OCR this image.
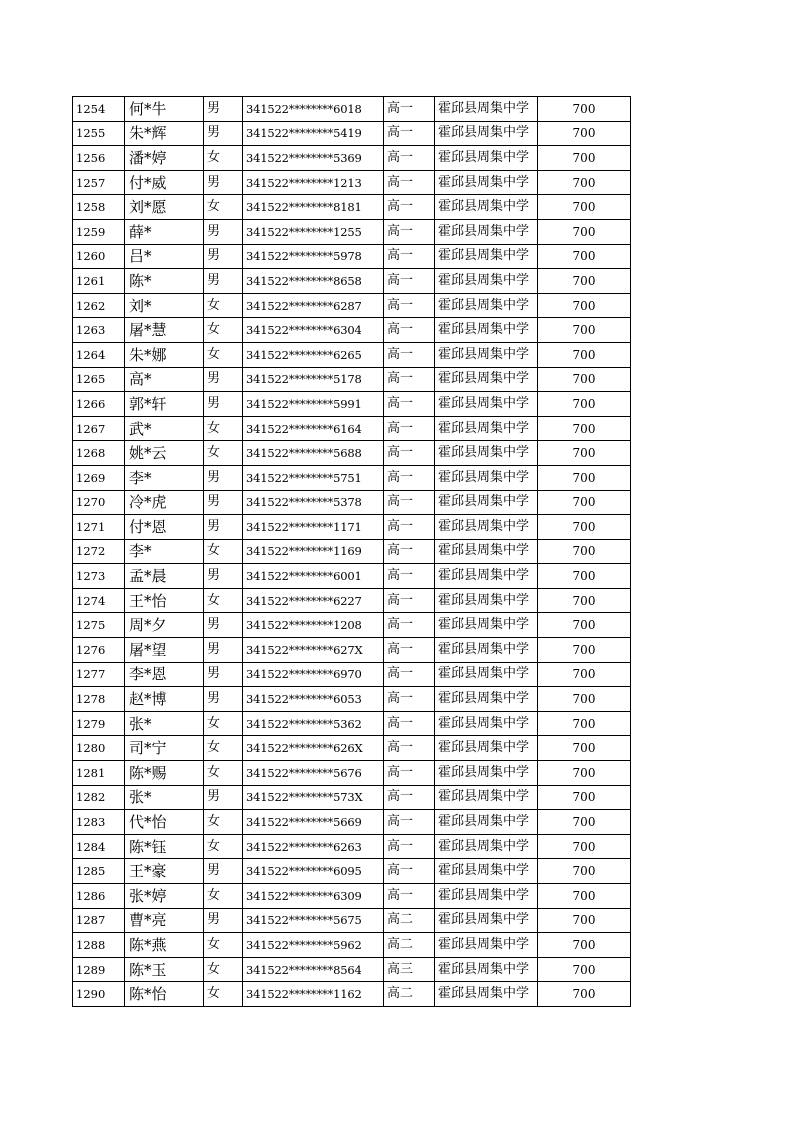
1254	何*牛	男	341522********6018	高一	霍邱县周集中学	700
1255	朱*辉	男	341522********5419	高一	霍邱县周集中学	700
1256	潘*婷	女	341522********5369	高一	霍邱县周集中学	700
1257	付*威	男	341522********1213	高一	霍邱县周集中学	700
1258	刘*愿	女	341522********8181	高一	霍邱县周集中学	700
1259	薛*	男	341522********1255	高一	霍邱县周集中学	700
1260	吕*	男	341522********5978	高一	霍邱县周集中学	700
1261	陈*	男	341522********8658	高一	霍邱县周集中学	700
1262	刘*	女	341522********6287	高一	霍邱县周集中学	700
1263	屠*慧	女	341522********6304	高一	霍邱县周集中学	700
1264	朱*娜	女	341522********6265	高一	霍邱县周集中学	700
1265	高*	男	341522********5178	高一	霍邱县周集中学	700
1266	郭*轩	男	341522********5991	高一	霍邱县周集中学	700
1267	武*	女	341522********6164	高一	霍邱县周集中学	700
1268	姚*云	女	341522********5688	高一	霍邱县周集中学	700
1269	李*	男	341522********5751	高一	霍邱县周集中学	700
1270	冷*虎	男	341522********5378	高一	霍邱县周集中学	700
1271	付*恩	男	341522********1171	高一	霍邱县周集中学	700
1272	李*	女	341522********1169	高一	霍邱县周集中学	700
1273	孟*晨	男	341522********6001	高一	霍邱县周集中学	700
1274	王*怡	女	341522********6227	高一	霍邱县周集中学	700
1275	周*夕	男	341522********1208	高一	霍邱县周集中学	700
1276	屠*望	男	341522********627X	高一	霍邱县周集中学	700
1277	李*恩	男	341522********6970	高一	霍邱县周集中学	700
1278	赵*博	男	341522********6053	高一	霍邱县周集中学	700
1279	张*	女	341522********5362	高一	霍邱县周集中学	700
1280	司*宁	女	341522********626X	高一	霍邱县周集中学	700
1281	陈*赐	女	341522********5676	高一	霍邱县周集中学	700
1282	张*	男	341522********573X	高一	霍邱县周集中学	700
1283	代*怡	女	341522********5669	高一	霍邱县周集中学	700
1284	陈*钰	女	341522********6263	高一	霍邱县周集中学	700
1285	王*豪	男	341522********6095	高一	霍邱县周集中学	700
1286	张*婷	女	341522********6309	高一	霍邱县周集中学	700
1287	曹*亮	男	341522********5675	高二	霍邱县周集中学	700
1288	陈*燕	女	341522********5962	高二	霍邱县周集中学	700
1289	陈*玉	女	341522********8564	高三	霍邱县周集中学	700
1290	陈*怡	女	341522********1162	高二	霍邱县周集中学	700
